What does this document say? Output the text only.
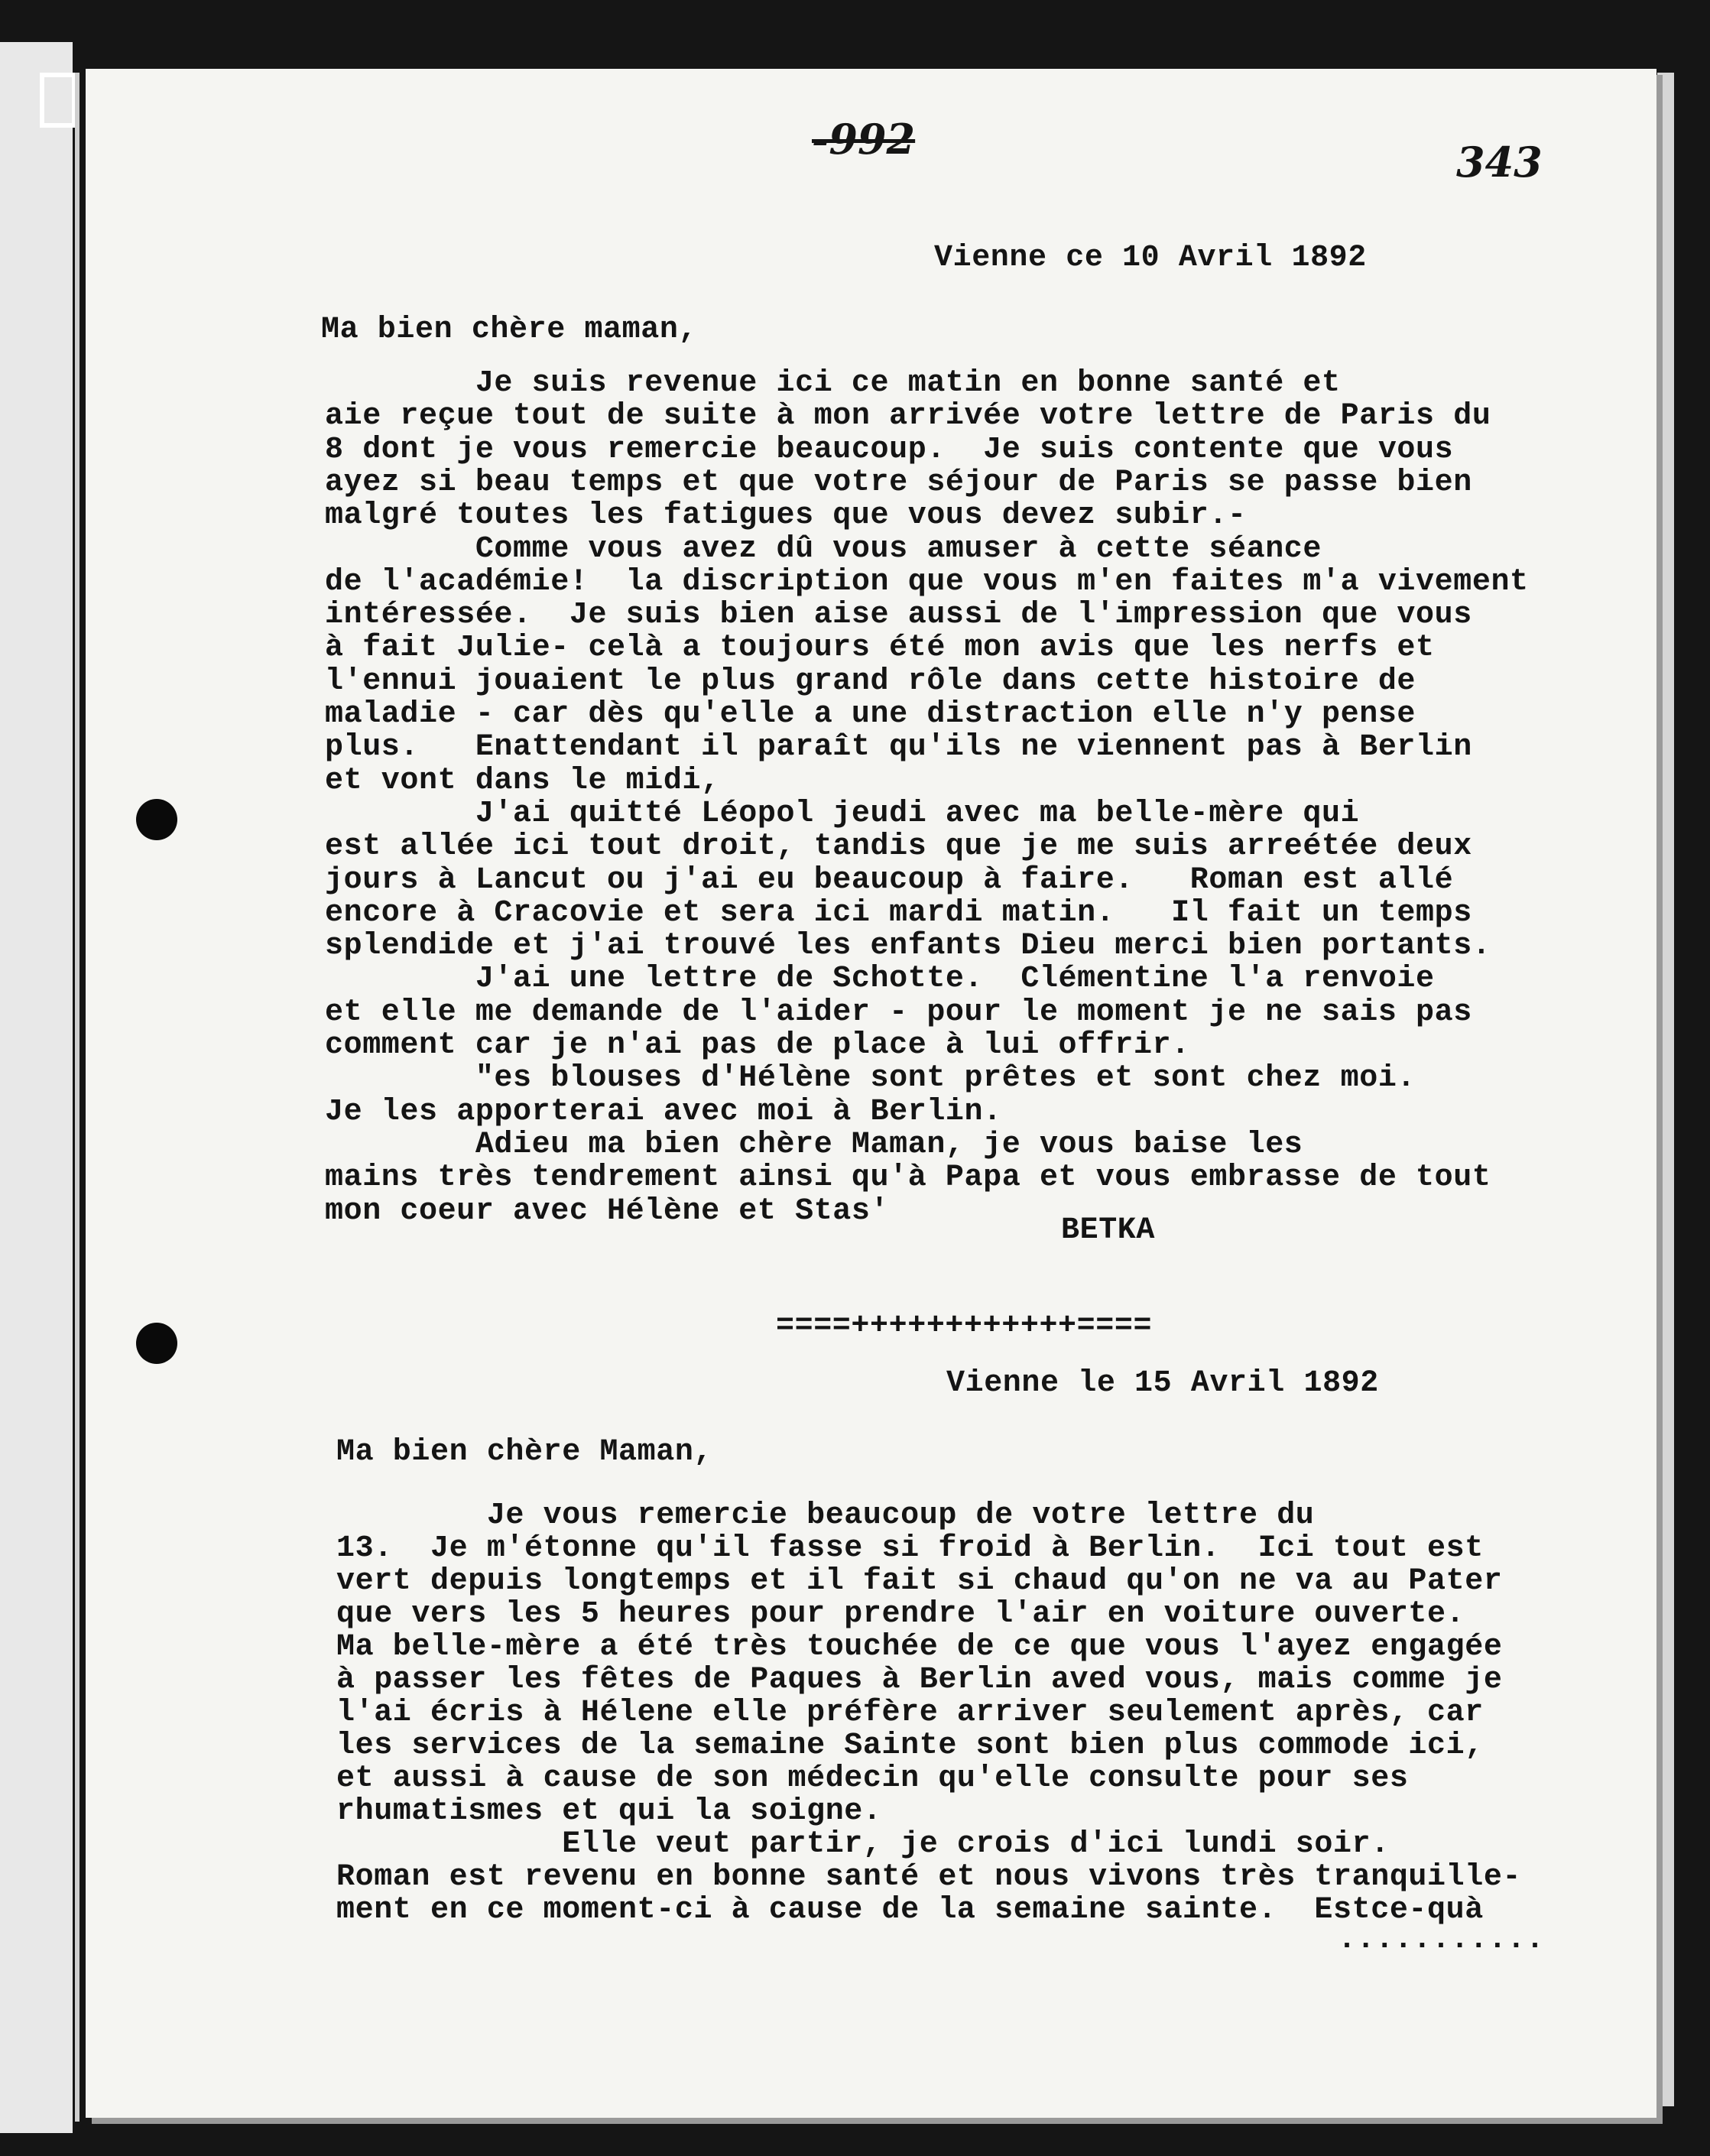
-992	343
Vienne ce 10 Avril 1892
Ma bien chère maman,
Je suis revenue ici ce matin en bonne santé et
aie reçue tout de suite à mon arrivée votre lettre de Paris du
8 dont je vous remercie beaucoup.  Je suis contente que vous
ayez si beau temps et que votre séjour de Paris se passe bien
malgré toutes les fatigues que vous devez subir.-
Comme vous avez dû vous amuser à cette séance
de l'académie!  la discription que vous m'en faites m'a vivement
intéressée.  Je suis bien aise aussi de l'impression que vous
à fait Julie- celà a toujours été mon avis que les nerfs et
l'ennui jouaient le plus grand rôle dans cette histoire de
maladie - car dès qu'elle a une distraction elle n'y pense
plus.   Enattendant il paraît qu'ils ne viennent pas à Berlin
et vont dans le midi,
J'ai quitté Léopol jeudi avec ma belle-mère qui
est allée ici tout droit, tandis que je me suis arreétée deux
jours à Lancut ou j'ai eu beaucoup à faire.   Roman est allé
encore à Cracovie et sera ici mardi matin.   Il fait un temps
splendide et j'ai trouvé les enfants Dieu merci bien portants.
J'ai une lettre de Schotte.  Clémentine l'a renvoie
et elle me demande de l'aider - pour le moment je ne sais pas
comment car je n'ai pas de place à lui offrir.
"es blouses d'Hélène sont prêtes et sont chez moi.
Je les apporterai avec moi à Berlin.
Adieu ma bien chère Maman, je vous baise les
mains très tendrement ainsi qu'à Papa et vous embrasse de tout
mon coeur avec Hélène et Stas'
BETKA
====++++++++++++====
Vienne le 15 Avril 1892
Ma bien chère Maman,
Je vous remercie beaucoup de votre lettre du
13.  Je m'étonne qu'il fasse si froid à Berlin.  Ici tout est
vert depuis longtemps et il fait si chaud qu'on ne va au Pater
que vers les 5 heures pour prendre l'air en voiture ouverte.
Ma belle-mère a été très touchée de ce que vous l'ayez engagée
à passer les fêtes de Paques à Berlin aved vous, mais comme je
l'ai écris à Hélene elle préfère arriver seulement après, car
les services de la semaine Sainte sont bien plus commode ici,
et aussi à cause de son médecin qu'elle consulte pour ses
rhumatismes et qui la soigne.
Elle veut partir, je crois d'ici lundi soir.
Roman est revenu en bonne santé et nous vivons très tranquille-
ment en ce moment-ci à cause de la semaine sainte.  Estce-quà
...........
